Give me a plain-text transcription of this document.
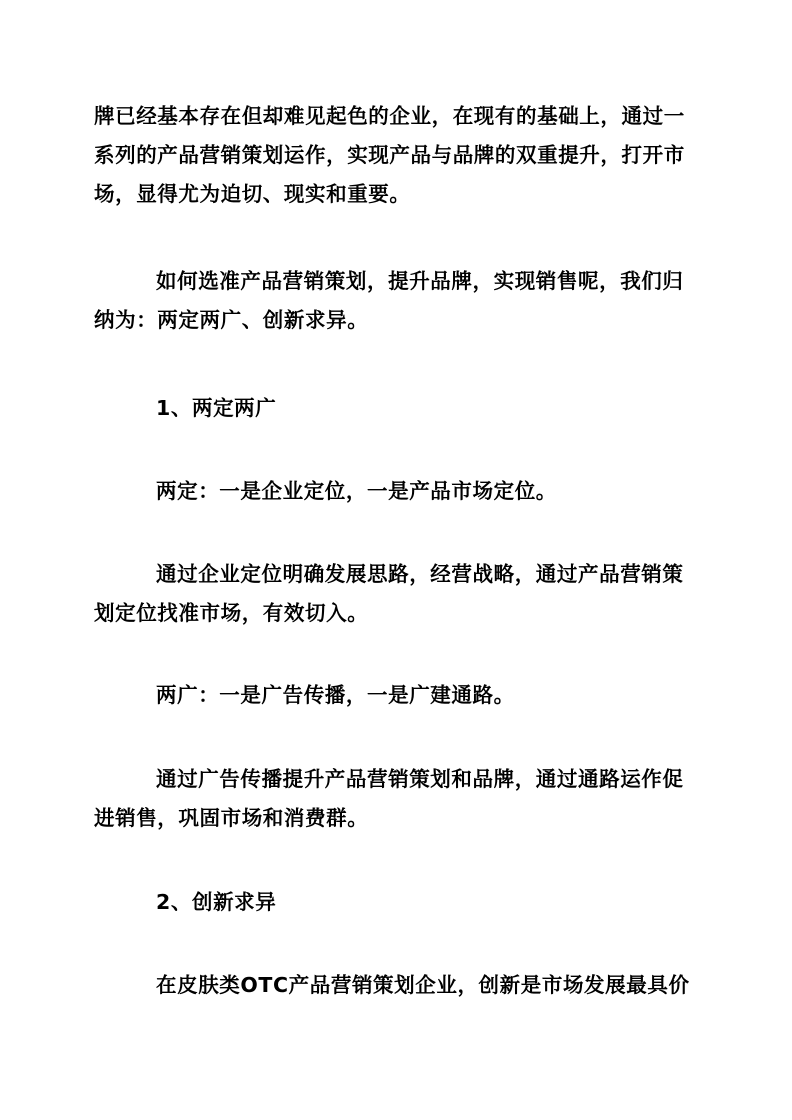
牌已经基本存在但却难见起色的企业，在现有的基础上，通过一
系列的产品营销策划运作，实现产品与品牌的双重提升，打开市
场，显得尤为迫切、现实和重要。

如何选准产品营销策划，提升品牌，实现销售呢，我们归
纳为：两定两广、创新求异。

1、两定两广

两定：一是企业定位，一是产品市场定位。

通过企业定位明确发展思路，经营战略，通过产品营销策
划定位找准市场，有效切入。

两广：一是广告传播，一是广建通路。

通过广告传播提升产品营销策划和品牌，通过通路运作促
进销售，巩固市场和消费群。

2、创新求异

在皮肤类OTC产品营销策划企业，创新是市场发展最具价
